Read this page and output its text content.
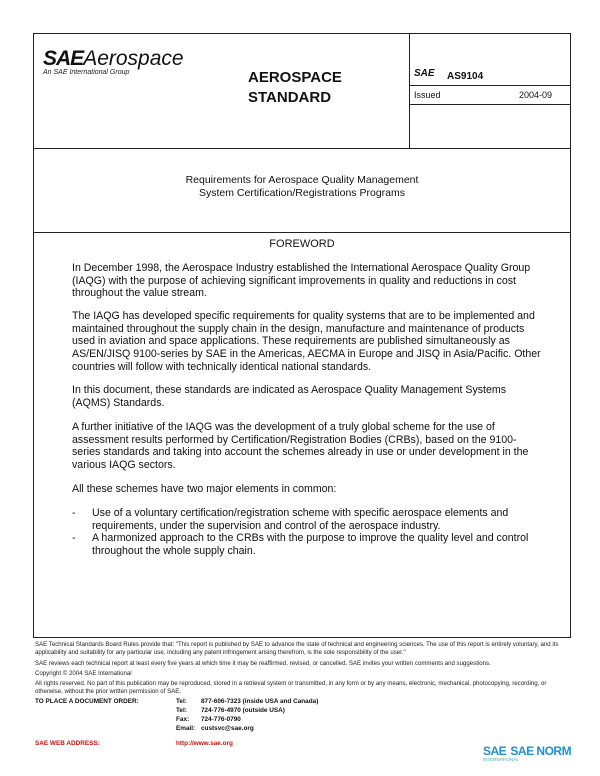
SAEAerospace
An SAE International Group	AEROSPACE
STANDARD
SAE AS9104
Issued	2004-09
Requirements for Aerospace Quality Management
System Certification/Registrations Programs
FOREWORD
In December 1998, the Aerospace Industry established the International Aerospace Quality Group (IAQG) with the purpose of achieving significant improvements in quality and reductions in cost throughout the value stream.
The IAQG has developed specific requirements for quality systems that are to be implemented and maintained throughout the supply chain in the design, manufacture and maintenance of products used in aviation and space applications. These requirements are published simultaneously as AS/EN/JISQ 9100-series by SAE in the Americas, AECMA in Europe and JISQ in Asia/Pacific. Other countries will follow with technically identical national standards.
In this document, these standards are indicated as Aerospace Quality Management Systems (AQMS) Standards.
A further initiative of the IAQG was the development of a truly global scheme for the use of assessment results performed by Certification/Registration Bodies (CRBs), based on the 9100-series standards and taking into account the schemes already in use or under development in the various IAQG sectors.
All these schemes have two major elements in common:
- Use of a voluntary certification/registration scheme with specific aerospace elements and requirements, under the supervision and control of the aerospace industry.
- A harmonized approach to the CRBs with the purpose to improve the quality level and control throughout the whole supply chain.
SAE Technical Standards Board Rules provide that: "This report is published by SAE to advance the state of technical and engineering sciences. The use of this report is entirely voluntary, and its applicability and suitability for any particular use, including any patent infringement arising therefrom, is the sole responsibility of the user."
SAE reviews each technical report at least every five years at which time it may be reaffirmed, revised, or cancelled. SAE invites your written comments and suggestions.
Copyright © 2004 SAE International
All rights reserved. No part of this publication may be reproduced, stored in a retrieval system or transmitted, in any form or by any means, electronic, mechanical, photocopying, recording, or otherwise, without the prior written permission of SAE.
TO PLACE A DOCUMENT ORDER:	Tel: 877-606-7323 (inside USA and Canada)
Tel: 724-776-4970 (outside USA)
Fax: 724-776-0790
Email: custsvc@sae.org
SAE WEB ADDRESS:	http://www.sae.org
SAE SAE NORM
INTERNATIONAL
